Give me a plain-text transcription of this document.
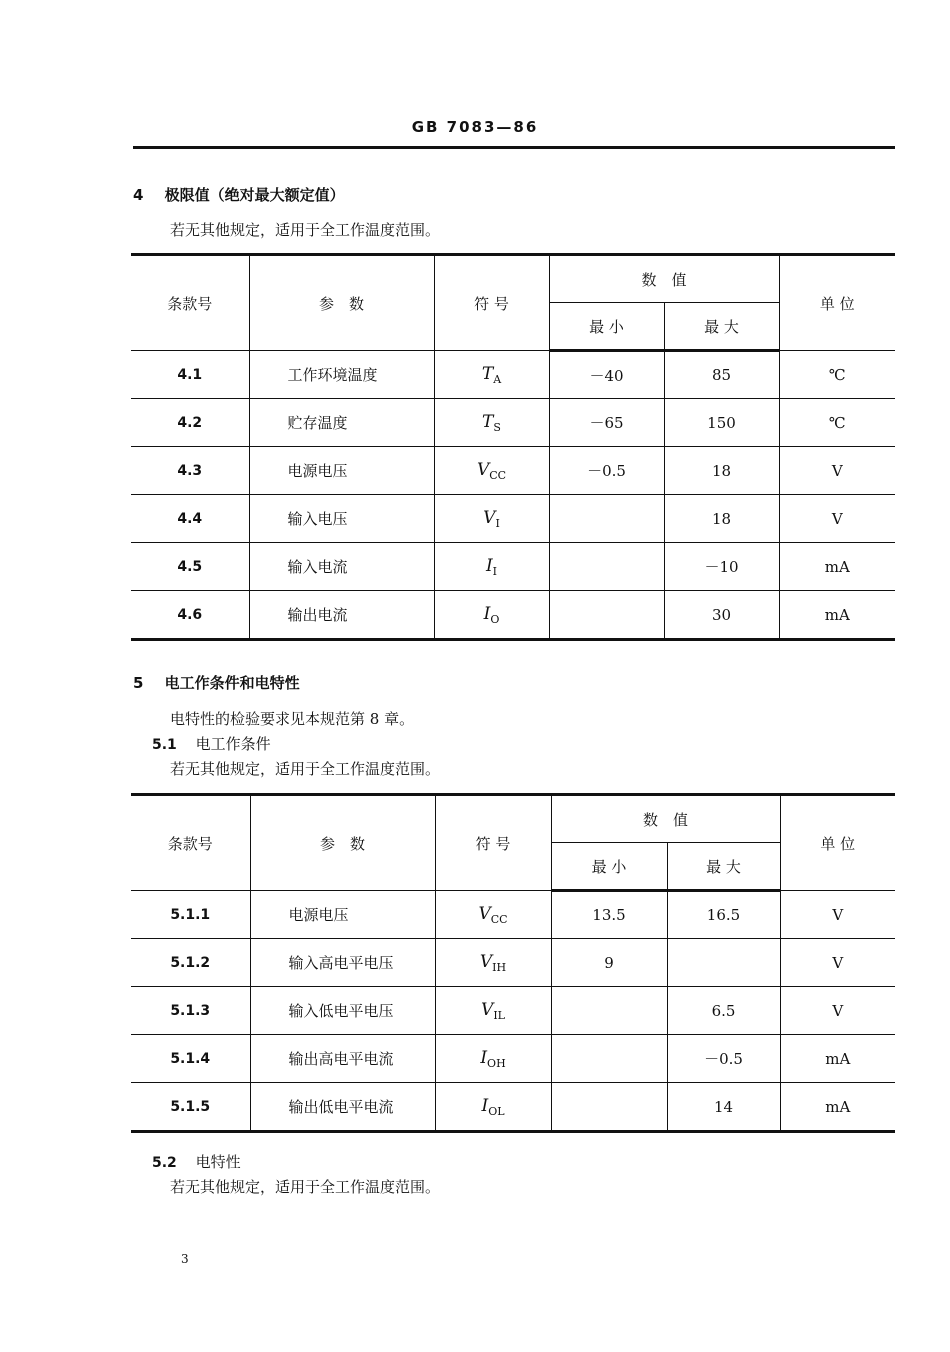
GB 7083—86
4 极限值（绝对最大额定值）
若无其他规定，适用于全工作温度范围。
条款号	参　数	符 号	数　值		单 位
			最 小	最 大	
4.1	工作环境温度	$T_A$	－40	85	℃
4.2	贮存温度	$T_S$	－65	150	℃
4.3	电源电压	$V_{CC}$	－0.5	18	V
4.4	输入电压	$V_I$		18	V
4.5	输入电流	$I_I$		－10	mA
4.6	输出电流	$I_O$		30	mA
5 电工作条件和电特性
电特性的检验要求见本规范第 8 章。
5.1 电工作条件
若无其他规定，适用于全工作温度范围。
条款号	参　数	符 号	数　值		单 位
			最 小	最 大	
5.1.1	电源电压	$V_{CC}$	13.5	16.5	V
5.1.2	输入高电平电压	$V_{IH}$	9		V
5.1.3	输入低电平电压	$V_{IL}$		6.5	V
5.1.4	输出高电平电流	$I_{OH}$		－0.5	mA
5.1.5	输出低电平电流	$I_{OL}$		14	mA
5.2 电特性
若无其他规定，适用于全工作温度范围。
3
